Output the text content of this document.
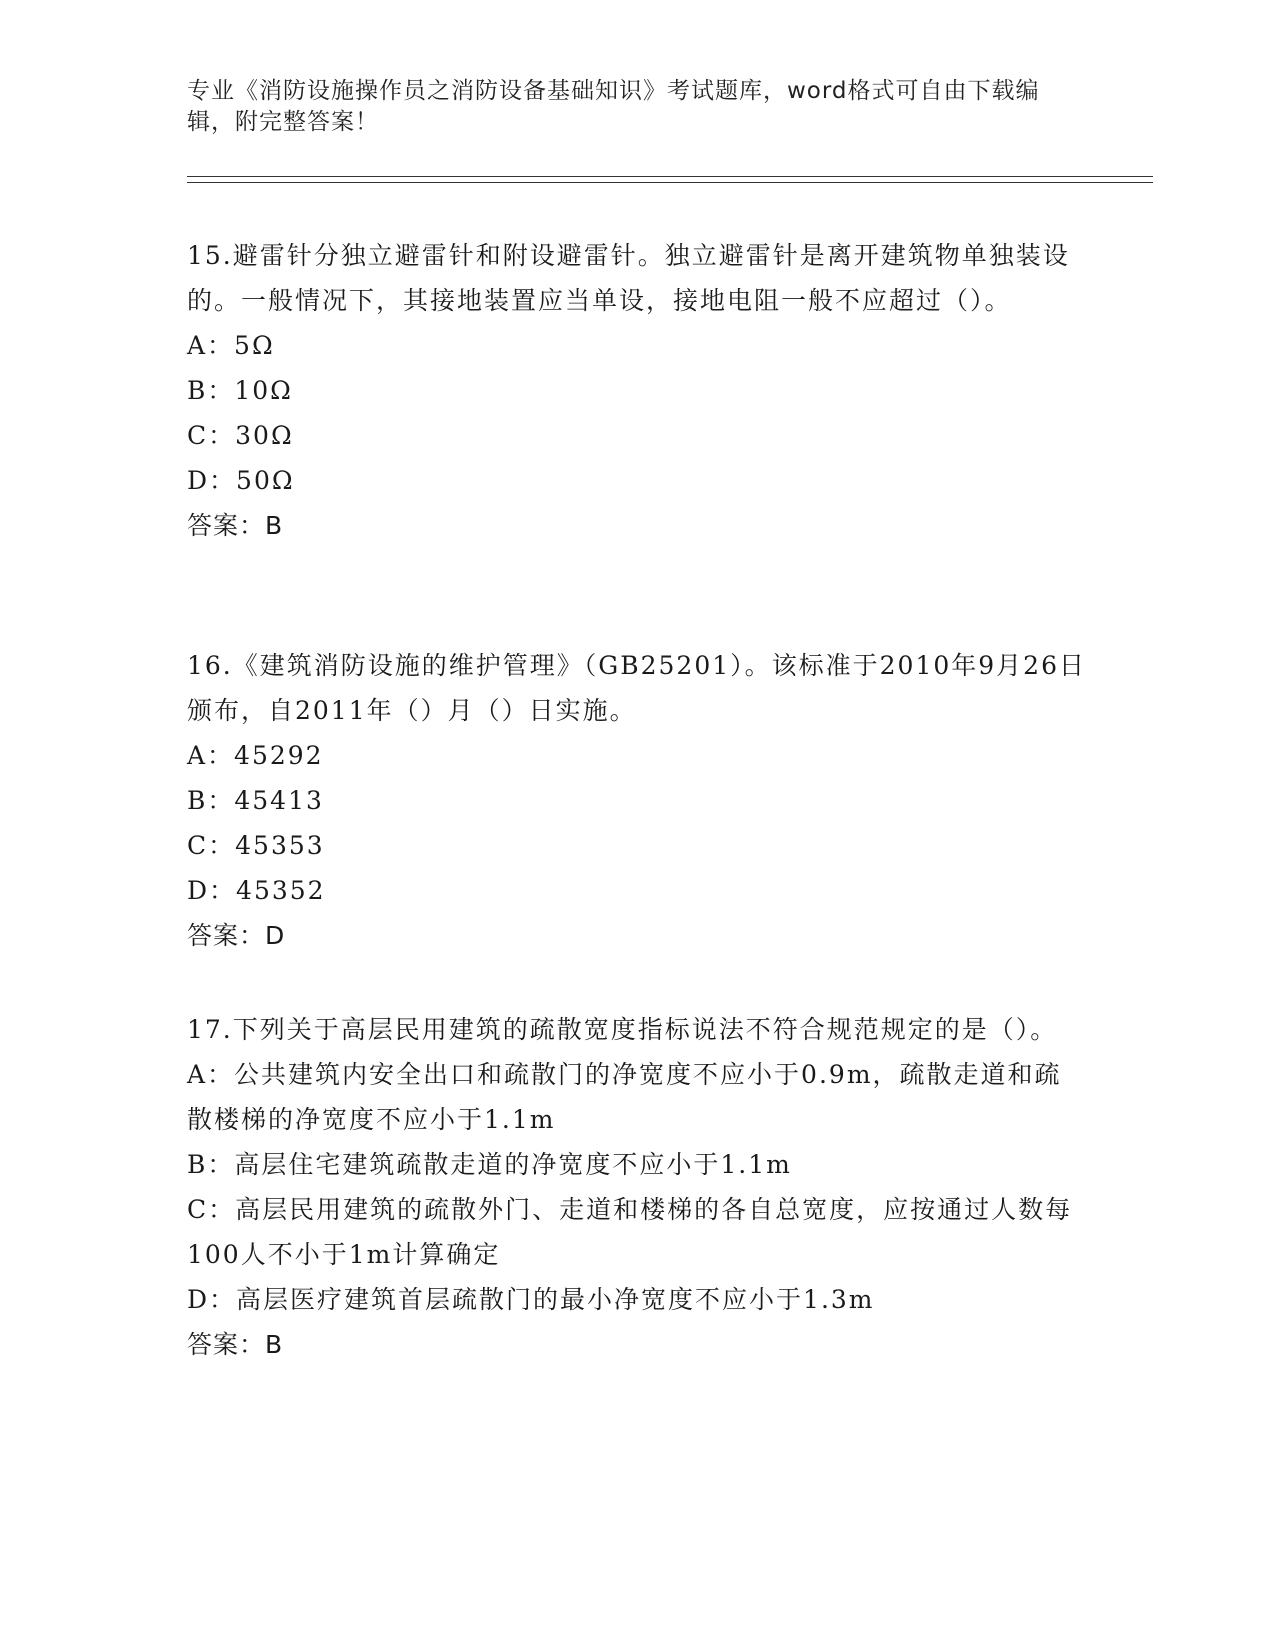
专业《消防设施操作员之消防设备基础知识》考试题库，word格式可自由下载编辑，附完整答案！

15.避雷针分独立避雷针和附设避雷针。独立避雷针是离开建筑物单独装设的。一般情况下，其接地装置应当单设，接地电阻一般不应超过（）。

A：5Ω

B：10Ω

C：30Ω

D：50Ω

答案：B

16.《建筑消防设施的维护管理》（GB25201）。该标准于2010年9月26日颁布，自2011年（）月（）日实施。

A：45292

B：45413

C：45353

D：45352

答案：D

17.下列关于高层民用建筑的疏散宽度指标说法不符合规范规定的是（）。

A：公共建筑内安全出口和疏散门的净宽度不应小于0.9m，疏散走道和疏散楼梯的净宽度不应小于1.1m

B：高层住宅建筑疏散走道的净宽度不应小于1.1m

C：高层民用建筑的疏散外门、走道和楼梯的各自总宽度，应按通过人数每100人不小于1m计算确定

D：高层医疗建筑首层疏散门的最小净宽度不应小于1.3m

答案：B
